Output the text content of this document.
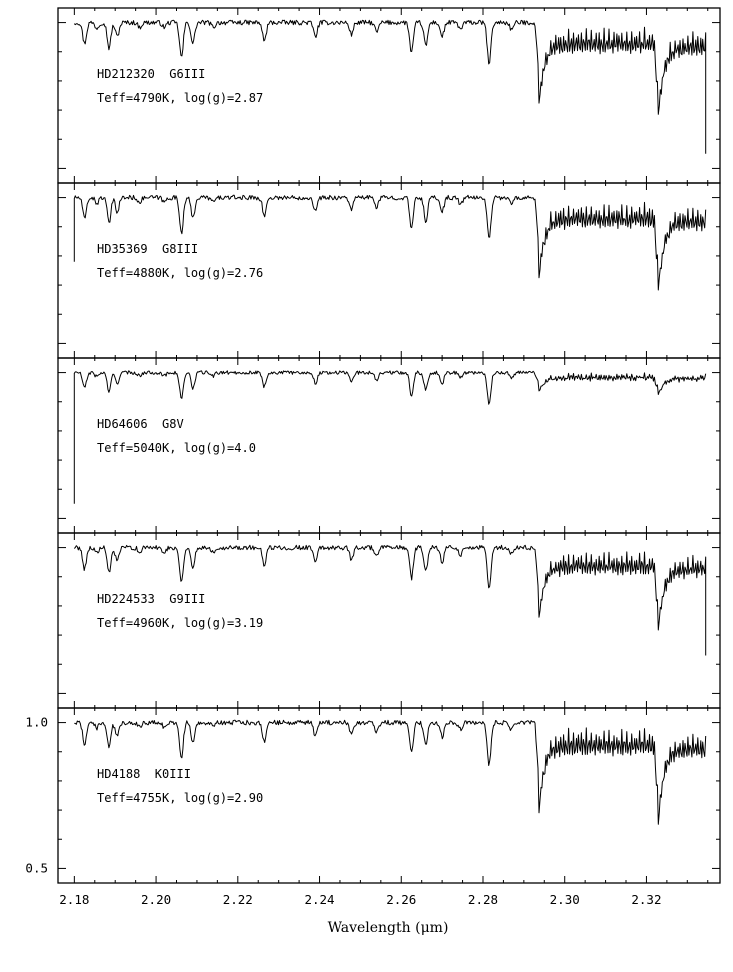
HD212320  G6III
Teff=4790K, log(g)=2.87
HD35369  G8III
Teff=4880K, log(g)=2.76
HD64606  G8V
Teff=5040K, log(g)=4.0
HD224533  G9III
Teff=4960K, log(g)=3.19
HD4188  K0III
Teff=4755K, log(g)=2.90
1.0
0.5
2.18	2.20	2.22	2.24	2.26	2.28	2.30	2.32
Wavelength (μm)
